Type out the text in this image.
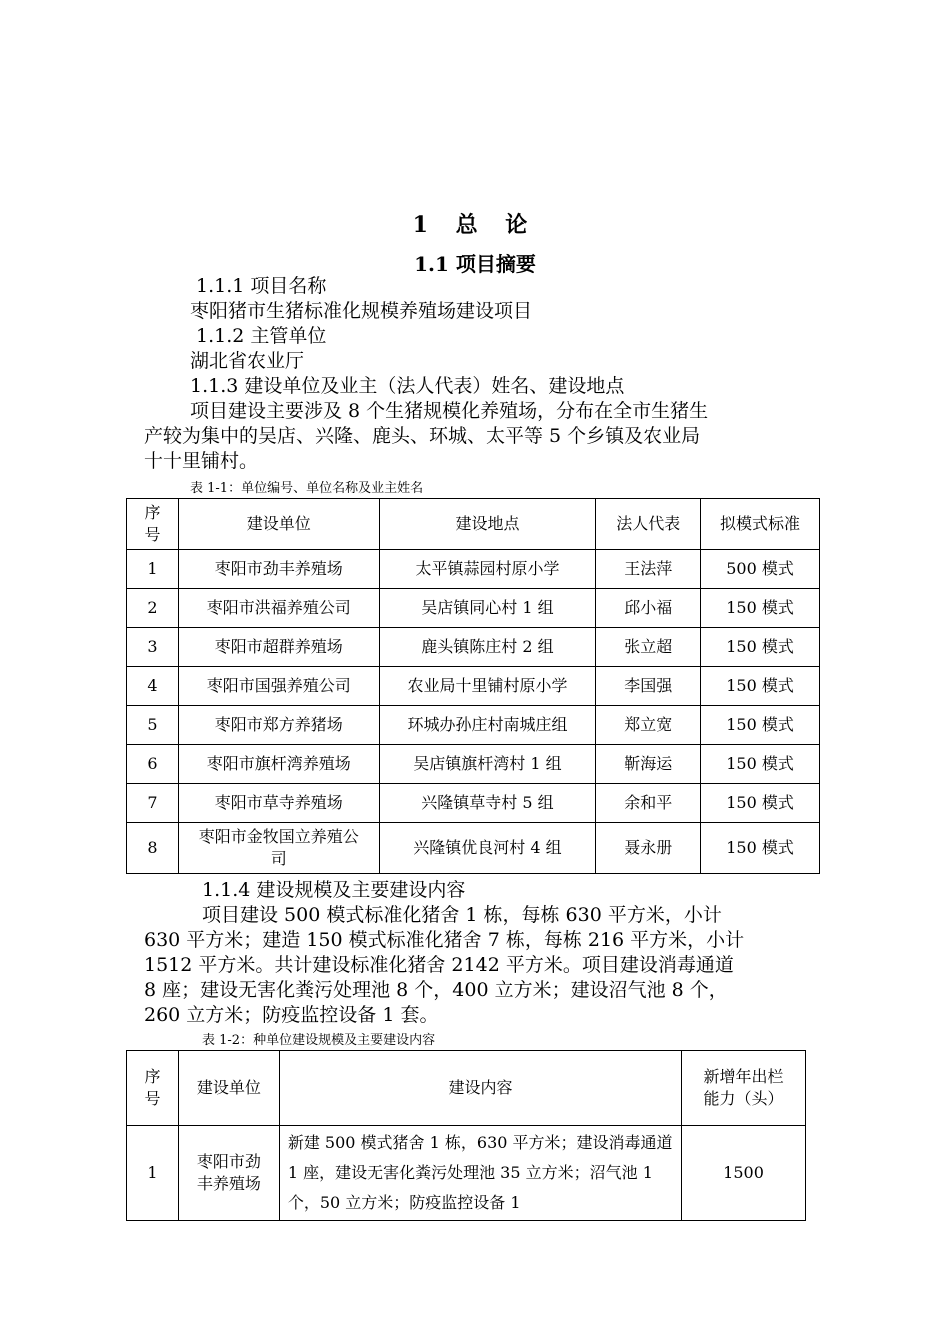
1 总 论
1.1 项目摘要
1.1.1 项目名称
枣阳猪市生猪标准化规模养殖场建设项目
1.1.2 主管单位
湖北省农业厅
1.1.3 建设单位及业主（法人代表）姓名、建设地点
项目建设主要涉及 8 个生猪规模化养殖场，分布在全市生猪生
产较为集中的吴店、兴隆、鹿头、环城、太平等 5 个乡镇及农业局
十十里铺村。
表 1-1：单位编号、单位名称及业主姓名
序号	建设单位	建设地点	法人代表	拟模式标准
1	枣阳市劲丰养殖场	太平镇蒜园村原小学	王法萍	500 模式
2	枣阳市洪福养殖公司	吴店镇同心村 1 组	邱小福	150 模式
3	枣阳市超群养殖场	鹿头镇陈庄村 2 组	张立超	150 模式
4	枣阳市国强养殖公司	农业局十里铺村原小学	李国强	150 模式
5	枣阳市郑方养猪场	环城办孙庄村南城庄组	郑立宽	150 模式
6	枣阳市旗杆湾养殖场	吴店镇旗杆湾村 1 组	靳海运	150 模式
7	枣阳市草寺养殖场	兴隆镇草寺村 5 组	余和平	150 模式
8	枣阳市金牧国立养殖公司	兴隆镇优良河村 4 组	聂永册	150 模式
1.1.4 建设规模及主要建设内容
项目建设 500 模式标准化猪舍 1 栋，每栋 630 平方米，小计
630 平方米；建造 150 模式标准化猪舍 7 栋，每栋 216 平方米，小计
1512 平方米。共计建设标准化猪舍 2142 平方米。项目建设消毒通道
8 座；建设无害化粪污处理池 8 个，400 立方米；建设沼气池 8 个，
260 立方米；防疫监控设备 1 套。
表 1-2：种单位建设规模及主要建设内容
序号	建设单位	建设内容	新增年出栏能力（头）
1	枣阳市劲丰养殖场	新建 500 模式猪舍 1 栋，630 平方米；建设消毒通道 1 座，建设无害化粪污处理池 35 立方米；沼气池 1 个，50 立方米；防疫监控设备 1	1500
